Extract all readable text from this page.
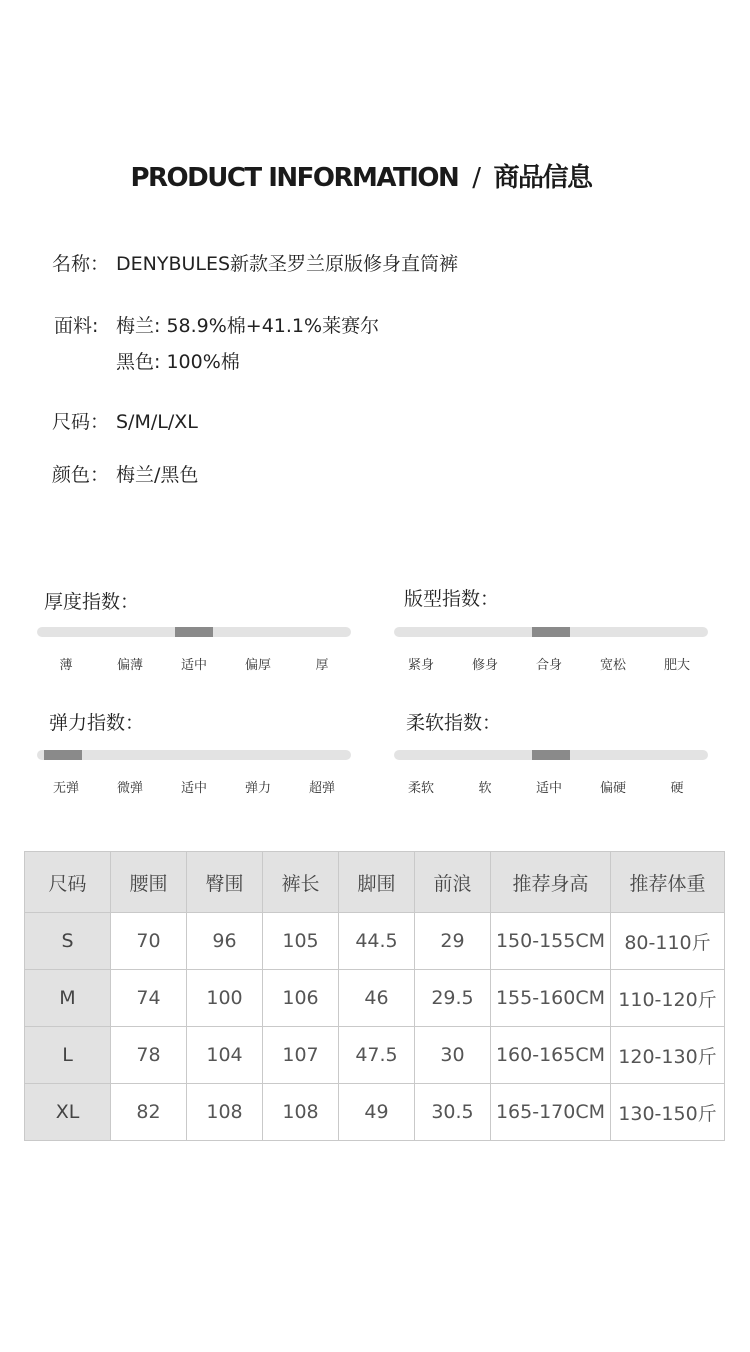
PRODUCT INFORMATION / 商品信息
名称： DENYBULES新款圣罗兰原版修身直筒裤
面料: 梅兰: 58.9%棉+41.1%莱赛尔
黑色: 100%棉
尺码： S/M/L/XL
颜色： 梅兰/黑色
厚度指数：
薄	偏薄	适中	偏厚	厚
版型指数：
紧身	修身	合身	宽松	肥大
弹力指数：
无弹	微弹	适中	弹力	超弹
柔软指数：
柔软	软	适中	偏硬	硬
尺码	腰围	臀围	裤长	脚围	前浪	推荐身高	推荐体重
S	70	96	105	44.5	29	150-155CM	80-110斤
M	74	100	106	46	29.5	155-160CM	110-120斤
L	78	104	107	47.5	30	160-165CM	120-130斤
XL	82	108	108	49	30.5	165-170CM	130-150斤
